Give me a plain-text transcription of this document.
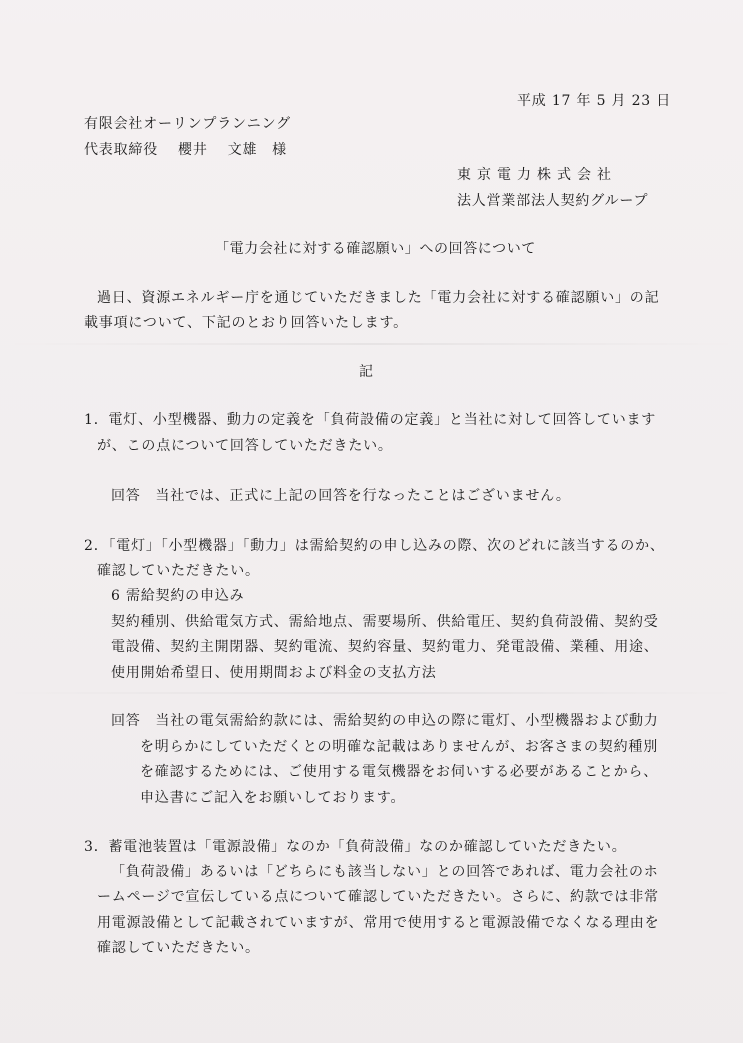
平成 17 年 5 月 23 日
有限会社オーリンプランニング
代表取締役　 櫻井　 文雄　様
東京電力株式会社
法人営業部法人契約グループ
「電力会社に対する確認願い」への回答について
過日、資源エネルギー庁を通じていただきました「電力会社に対する確認願い」の記
載事項について、下記のとおり回答いたします。
記
1．電灯、小型機器、動力の定義を「負荷設備の定義」と当社に対して回答しています
が、この点について回答していただきたい。
回答　当社では、正式に上記の回答を行なったことはございません。
2．「電灯」「小型機器」「動力」は需給契約の申し込みの際、次のどれに該当するのか、
確認していただきたい。
6 需給契約の申込み
契約種別、供給電気方式、需給地点、需要場所、供給電圧、契約負荷設備、契約受
電設備、契約主開閉器、契約電流、契約容量、契約電力、発電設備、業種、用途、
使用開始希望日、使用期間および料金の支払方法
回答　当社の電気需給約款には、需給契約の申込の際に電灯、小型機器および動力
を明らかにしていただくとの明確な記載はありませんが、お客さまの契約種別
を確認するためには、ご使用する電気機器をお伺いする必要があることから、
申込書にご記入をお願いしております。
3．蓄電池装置は「電源設備」なのか「負荷設備」なのか確認していただきたい。
「負荷設備」あるいは「どちらにも該当しない」との回答であれば、電力会社のホ
ームページで宣伝している点について確認していただきたい。さらに、約款では非常
用電源設備として記載されていますが、常用で使用すると電源設備でなくなる理由を
確認していただきたい。
